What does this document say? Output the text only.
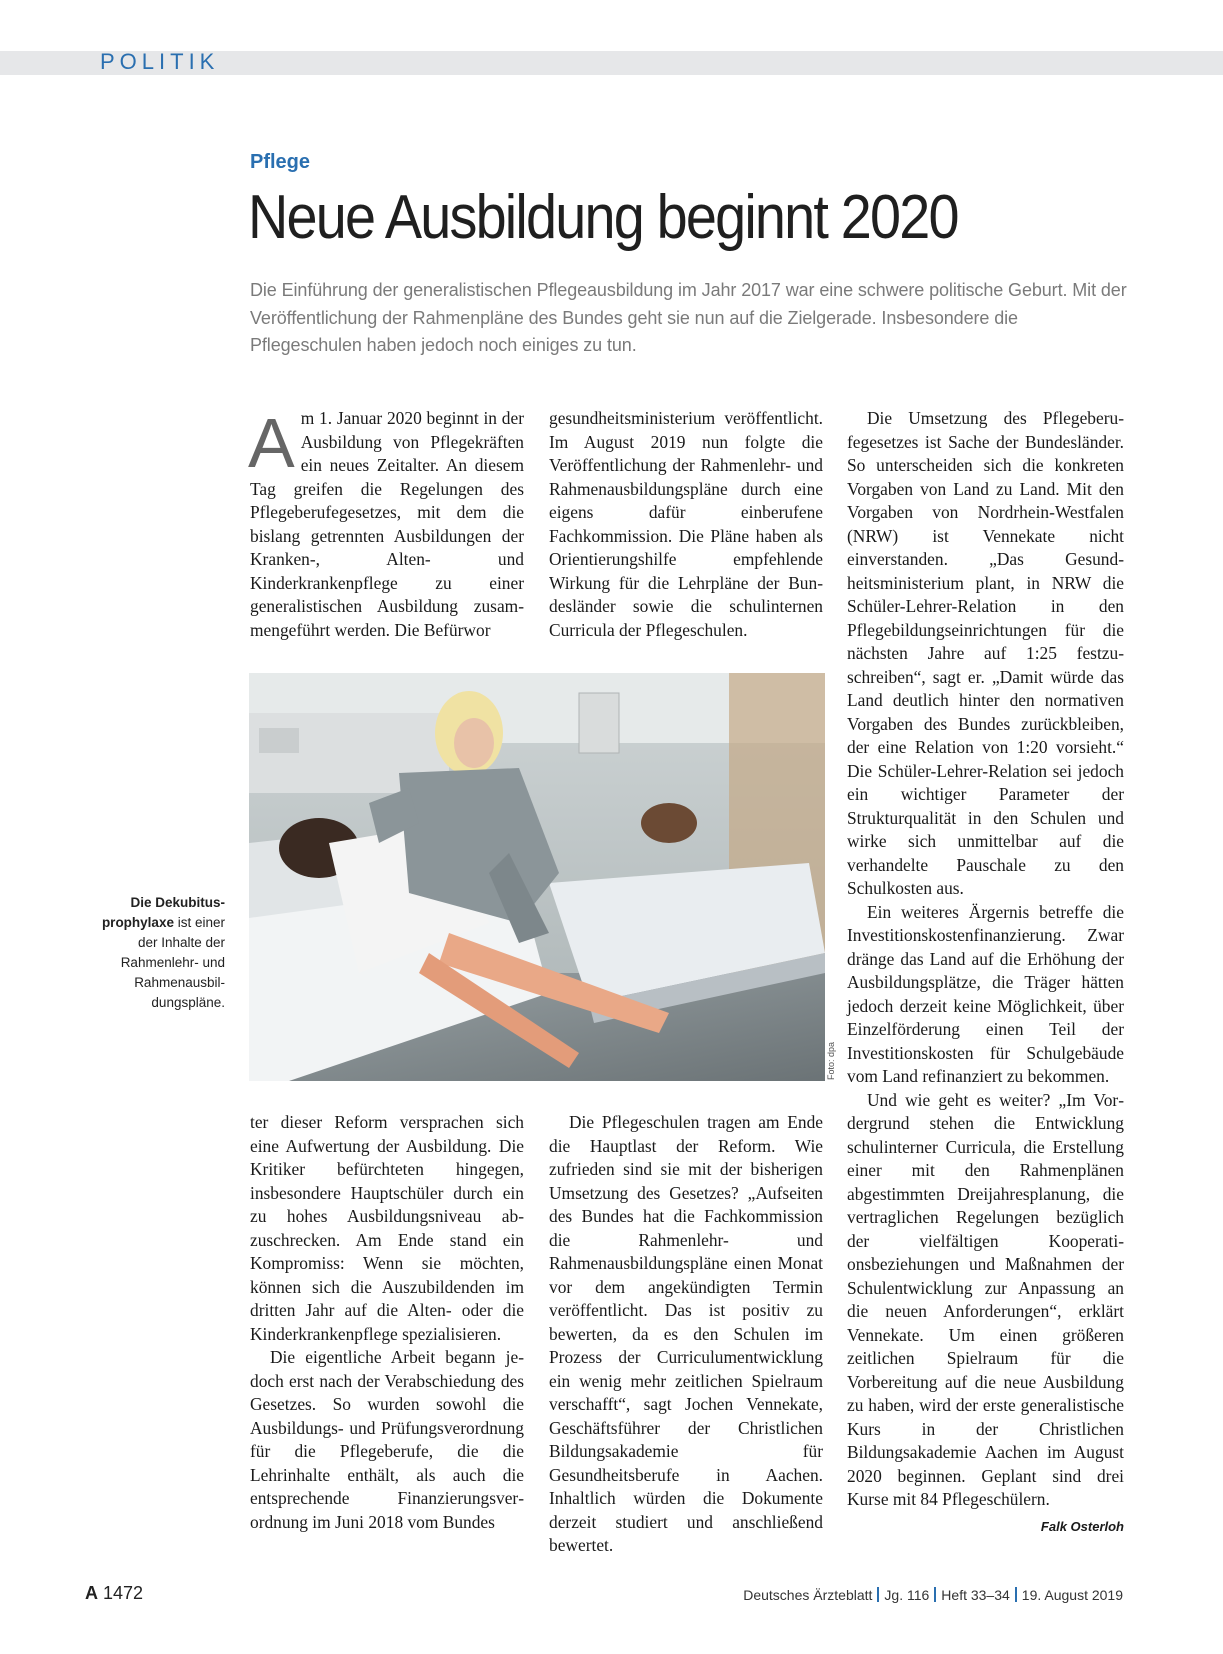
POLITIK
Pflege
Neue Ausbildung beginnt 2020
Die Einführung der generalistischen Pflegeausbildung im Jahr 2017 war eine schwere politische Geburt. Mit der Veröffentlichung der Rahmenpläne des Bundes geht sie nun auf die Zielgerade. Insbesondere die Pflegeschulen haben jedoch noch einiges zu tun.

Am 1. Januar 2020 beginnt in der Ausbildung von Pflegekräften ein neues Zeitalter. An diesem Tag greifen die Regelungen des Pflegeberufegesetzes, mit dem die bislang getrennten Ausbildungen der Kranken-, Alten- und Kinderkrankenpflege zu einer generalistischen Ausbildung zusammengeführt werden. Die Befürwor

gesundheitsministerium veröffentlicht. Im August 2019 nun folgte die Veröffentlichung der Rahmenlehr- und Rahmenausbildungspläne durch eine eigens dafür einberufene Fachkommission. Die Pläne haben als Orientierungshilfe empfehlende Wirkung für die Lehrpläne der Bundesländer sowie die schulinternen Curricula der Pflegeschulen.

Die Umsetzung des Pflegeberufegesetzes ist Sache der Bundesländer. So unterscheiden sich die konkreten Vorgaben von Land zu Land. Mit den Vorgaben von Nordrhein-Westfalen (NRW) ist Vennekate nicht einverstanden. „Das Gesundheitsministerium plant, in NRW die Schüler-Lehrer-Relation in den Pflegebildungseinrichtungen für die nächsten Jahre auf 1:25 festzuschreiben“, sagt er. „Damit würde das Land deutlich hinter den normativen Vorgaben des Bundes zurückbleiben, der eine Relation von 1:20 vorsieht.“ Die Schüler-Lehrer-Relation sei jedoch ein wichtiger Parameter der Strukturqualität in den Schulen und wirke sich unmittelbar auf die verhandelte Pauschale zu den Schulkosten aus.

Ein weiteres Ärgernis betreffe die Investitionskostenfinanzierung. Zwar dränge das Land auf die Erhöhung der Ausbildungsplätze, die Träger hätten jedoch derzeit keine Möglichkeit, über Einzelförderung einen Teil der Investitionskosten für Schulgebäude vom Land refinanziert zu bekommen.

Und wie geht es weiter? „Im Vordergrund stehen die Entwicklung schulinterner Curricula, die Erstellung einer mit den Rahmenplänen abgestimmten Dreijahresplanung, die vertraglichen Regelungen bezüglich der vielfältigen Kooperationsbeziehungen und Maßnahmen der Schulentwicklung zur Anpassung an die neuen Anforderungen“, erklärt Vennekate. Um einen größeren zeitlichen Spielraum für die Vorbereitung auf die neue Ausbildung zu haben, wird der erste generalistische Kurs in der Christlichen Bildungsakademie Aachen im August 2020 beginnen. Geplant sind drei Kurse mit 84 Pflegeschülern.
Falk Osterloh

Foto: dpa
Die Dekubitusprophylaxe ist einer der Inhalte der Rahmenlehr- und Rahmenausbildungspläne.

ter dieser Reform versprachen sich eine Aufwertung der Ausbildung. Die Kritiker befürchteten hingegen, insbesondere Hauptschüler durch ein zu hohes Ausbildungsniveau abzuschrecken. Am Ende stand ein Kompromiss: Wenn sie möchten, können sich die Auszubildenden im dritten Jahr auf die Alten- oder die Kinderkrankenpflege spezialisieren.

Die eigentliche Arbeit begann jedoch erst nach der Verabschiedung des Gesetzes. So wurden sowohl die Ausbildungs- und Prüfungsverordnung für die Pflegeberufe, die die Lehrinhalte enthält, als auch die entsprechende Finanzierungsverordnung im Juni 2018 vom Bundes

Die Pflegeschulen tragen am Ende die Hauptlast der Reform. Wie zufrieden sind sie mit der bisherigen Umsetzung des Gesetzes? „Aufseiten des Bundes hat die Fachkommission die Rahmenlehr- und Rahmenausbildungspläne einen Monat vor dem angekündigten Termin veröffentlicht. Das ist positiv zu bewerten, da es den Schulen im Prozess der Curriculumentwicklung ein wenig mehr zeitlichen Spielraum verschafft“, sagt Jochen Vennekate, Geschäftsführer der Christlichen Bildungsakademie für Gesundheitsberufe in Aachen. Inhaltlich würden die Dokumente derzeit studiert und anschließend bewertet.

A 1472	Deutsches Ärzteblatt Jg. 116 Heft 33–34 19. August 2019
